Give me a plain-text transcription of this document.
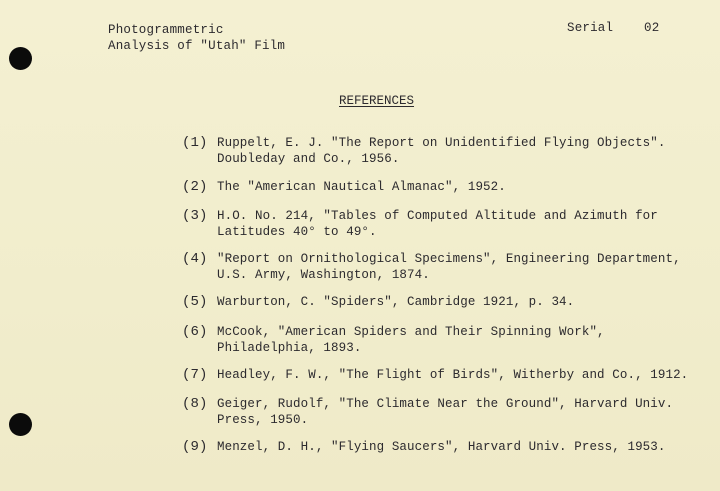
Photogrammetric
Analysis of "Utah" Film
Serial 02
REFERENCES
(1) Ruppelt, E. J. "The Report on Unidentified Flying Objects".
Doubleday and Co., 1956.
(2) The "American Nautical Almanac", 1952.
(3) H.O. No. 214, "Tables of Computed Altitude and Azimuth for
Latitudes 40° to 49°.
(4) "Report on Ornithological Specimens", Engineering Department,
U.S. Army, Washington, 1874.
(5) Warburton, C. "Spiders", Cambridge 1921, p. 34.
(6) McCook, "American Spiders and Their Spinning Work",
Philadelphia, 1893.
(7) Headley, F. W., "The Flight of Birds", Witherby and Co., 1912.
(8) Geiger, Rudolf, "The Climate Near the Ground", Harvard Univ.
Press, 1950.
(9) Menzel, D. H., "Flying Saucers", Harvard Univ. Press, 1953.
